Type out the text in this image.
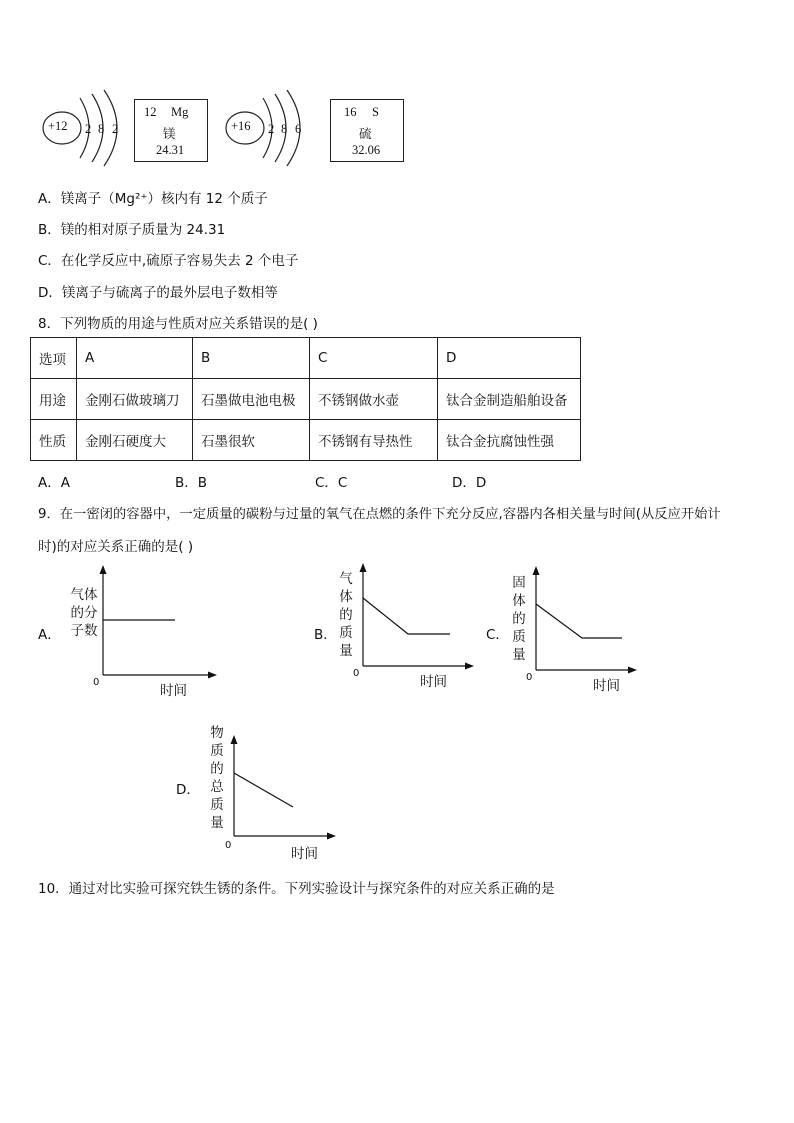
+12 2 8 2
12 Mg
镁
24.31
+16 2 8 6
16 S
硫
32.06
A．镁离子（Mg²⁺）核内有 12 个质子
B．镁的相对原子质量为 24.31
C．在化学反应中,硫原子容易失去 2 个电子
D．镁离子与硫离子的最外层电子数相等
8．下列物质的用途与性质对应关系错误的是( )
选项	A	B	C	D
用途	金刚石做玻璃刀	石墨做电池电极	不锈钢做水壶	钛合金制造船舶设备
性质	金刚石硬度大	石墨很软	不锈钢有导热性	钛合金抗腐蚀性强
A．A	B．B	C．C	D．D
9．在一密闭的容器中，一定质量的碳粉与过量的氧气在点燃的条件下充分反应,容器内各相关量与时间(从反应开始计
时)的对应关系正确的是( )
A．
气体
的分
子数
0
时间
B．
气
体
的
质
量
0
时间
C．
固
体
的
质
量
0
时间
D．
物
质
的
总
质
量
0
时间
10．通过对比实验可探究铁生锈的条件。下列实验设计与探究条件的对应关系正确的是
